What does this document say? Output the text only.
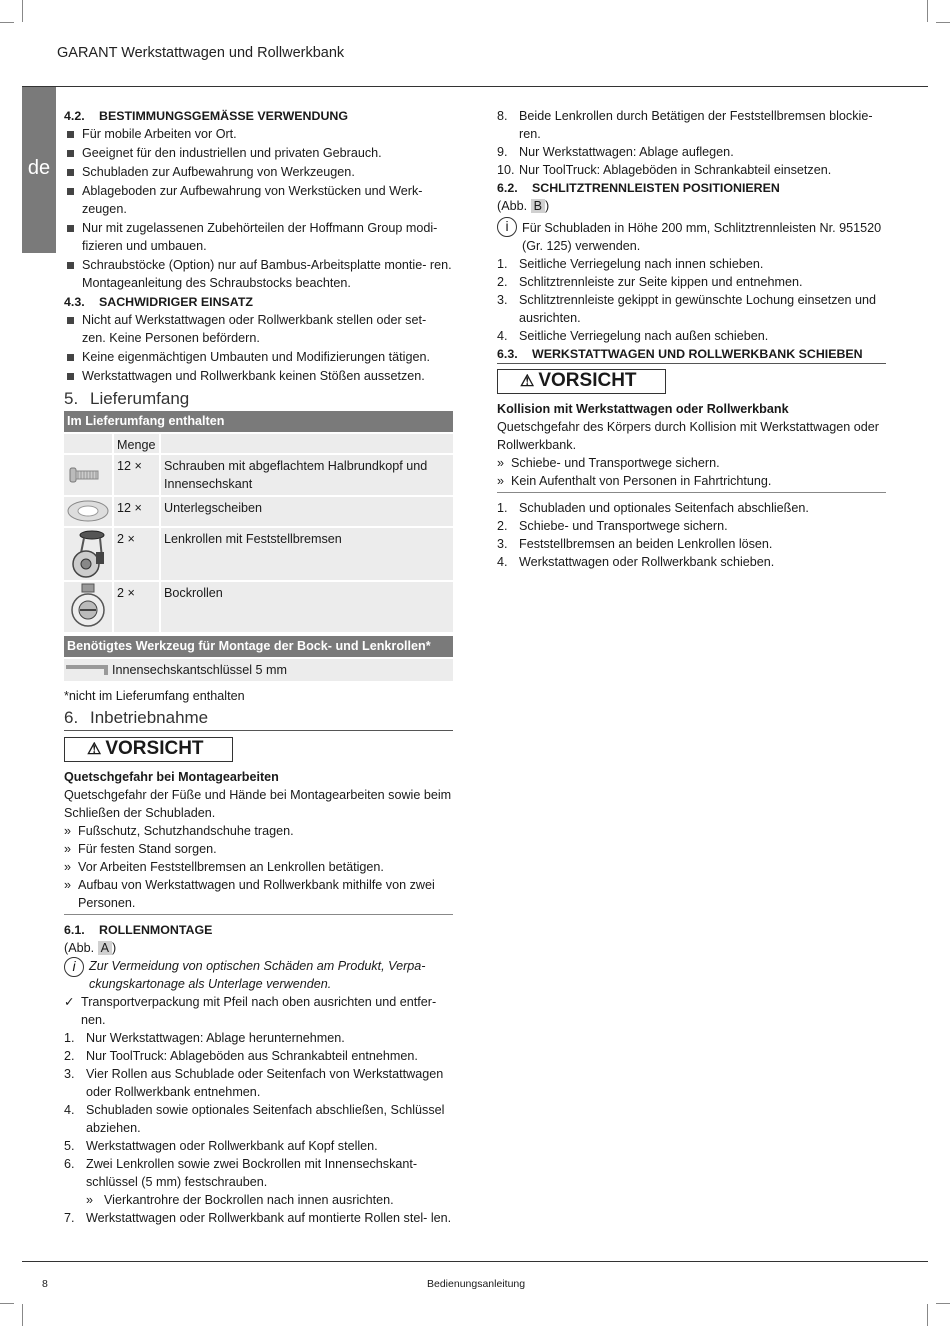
GARANT Werkstattwagen und Rollwerkbank
de
4.2. BESTIMMUNGSGEMÄSSE VERWENDUNG
Für mobile Arbeiten vor Ort.
Geeignet für den industriellen und privaten Gebrauch.
Schubladen zur Aufbewahrung von Werkzeugen.
Ablageboden zur Aufbewahrung von Werkstücken und Werk- zeugen.
Nur mit zugelassenen Zubehörteilen der Hoffmann Group modi- fizieren und umbauen.
Schraubstöcke (Option) nur auf Bambus-Arbeitsplatte montie- ren. Montageanleitung des Schraubstocks beachten.
4.3. SACHWIDRIGER EINSATZ
Nicht auf Werkstattwagen oder Rollwerkbank stellen oder set- zen. Keine Personen befördern.
Keine eigenmächtigen Umbauten und Modifizierungen tätigen.
Werkstattwagen und Rollwerkbank keinen Stößen aussetzen.
5. Lieferumfang
Im Lieferumfang enthalten
Menge
12 ×	Schrauben mit abgeflachtem Halbrundkopf und Innensechskant
12 ×	Unterlegscheiben
2 ×	Lenkrollen mit Feststellbremsen
2 ×	Bockrollen
Benötigtes Werkzeug für Montage der Bock- und Lenkrollen*
Innensechskantschlüssel 5 mm
*nicht im Lieferumfang enthalten
6. Inbetriebnahme
⚠ VORSICHT
Quetschgefahr bei Montagearbeiten
Quetschgefahr der Füße und Hände bei Montagearbeiten sowie beim Schließen der Schubladen.
» Fußschutz, Schutzhandschuhe tragen.
» Für festen Stand sorgen.
» Vor Arbeiten Feststellbremsen an Lenkrollen betätigen.
» Aufbau von Werkstattwagen und Rollwerkbank mithilfe von zwei Personen.
6.1. ROLLENMONTAGE
(Abb. A )
i	Zur Vermeidung von optischen Schäden am Produkt, Verpa- ckungskartonage als Unterlage verwenden.
✓ Transportverpackung mit Pfeil nach oben ausrichten und entfer- nen.
1. Nur Werkstattwagen: Ablage herunternehmen.
2. Nur ToolTruck: Ablageböden aus Schrankabteil entnehmen.
3. Vier Rollen aus Schublade oder Seitenfach von Werkstattwagen oder Rollwerkbank entnehmen.
4. Schubladen sowie optionales Seitenfach abschließen, Schlüssel abziehen.
5. Werkstattwagen oder Rollwerkbank auf Kopf stellen.
6. Zwei Lenkrollen sowie zwei Bockrollen mit Innensechskant- schlüssel (5 mm) festschrauben.
» Vierkantrohre der Bockrollen nach innen ausrichten.
7. Werkstattwagen oder Rollwerkbank auf montierte Rollen stel- len.
8. Beide Lenkrollen durch Betätigen der Feststellbremsen blockie- ren.
9. Nur Werkstattwagen: Ablage auflegen.
10. Nur ToolTruck: Ablageböden in Schrankabteil einsetzen.
6.2. SCHLITZTRENNLEISTEN POSITIONIEREN
(Abb. B )
i	Für Schubladen in Höhe 200 mm, Schlitztrennleisten Nr. 951520 (Gr. 125) verwenden.
1. Seitliche Verriegelung nach innen schieben.
2. Schlitztrennleiste zur Seite kippen und entnehmen.
3. Schlitztrennleiste gekippt in gewünschte Lochung einsetzen und ausrichten.
4. Seitliche Verriegelung nach außen schieben.
6.3. WERKSTATTWAGEN UND ROLLWERKBANK SCHIEBEN
⚠ VORSICHT
Kollision mit Werkstattwagen oder Rollwerkbank
Quetschgefahr des Körpers durch Kollision mit Werkstattwagen oder Rollwerkbank.
» Schiebe- und Transportwege sichern.
» Kein Aufenthalt von Personen in Fahrtrichtung.
1. Schubladen und optionales Seitenfach abschließen.
2. Schiebe- und Transportwege sichern.
3. Feststellbremsen an beiden Lenkrollen lösen.
4. Werkstattwagen oder Rollwerkbank schieben.
8	Bedienungsanleitung
